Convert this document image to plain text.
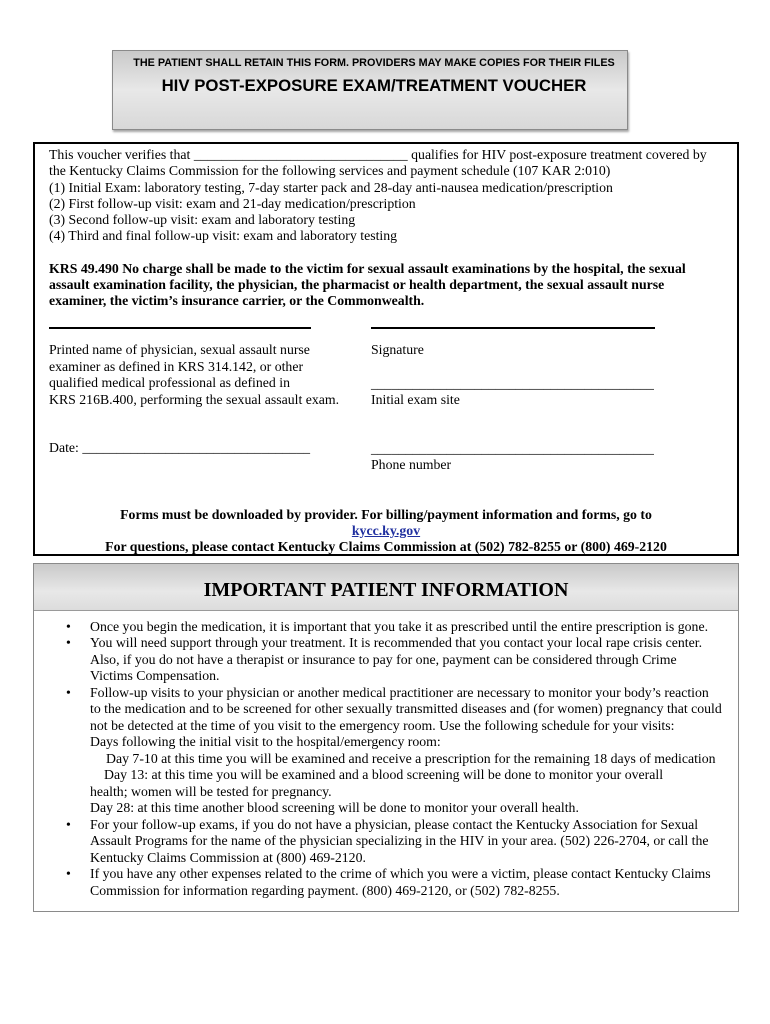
THE PATIENT SHALL RETAIN THIS FORM. PROVIDERS MAY MAKE COPIES FOR THEIR FILES
HIV POST-EXPOSURE EXAM/TREATMENT VOUCHER
This voucher verifies that _______________________________ qualifies for HIV post-exposure treatment covered by
the Kentucky Claims Commission for the following services and payment schedule (107 KAR 2:010)
(1) Initial Exam: laboratory testing, 7-day starter pack and 28-day anti-nausea medication/prescription
(2) First follow-up visit: exam and 21-day medication/prescription
(3) Second follow-up visit: exam and laboratory testing
(4) Third and final follow-up visit: exam and laboratory testing
KRS 49.490 No charge shall be made to the victim for sexual assault examinations by the hospital, the sexual
assault examination facility, the physician, the pharmacist or health department, the sexual assault nurse
examiner, the victim’s insurance carrier, or the Commonwealth.
Printed name of physician, sexual assault nurse
examiner as defined in KRS 314.142, or other
qualified medical professional as defined in
KRS 216B.400, performing the sexual assault exam.
Signature
_________________________________________
Initial exam site
Date: _________________________________	_________________________________________
Phone number
Forms must be downloaded by provider. For billing/payment information and forms, go to
kycc.ky.gov
For questions, please contact Kentucky Claims Commission at (502) 782-8255 or (800) 469-2120
IMPORTANT PATIENT INFORMATION
• Once you begin the medication, it is important that you take it as prescribed until the entire prescription is gone.
• You will need support through your treatment. It is recommended that you contact your local rape crisis center.
Also, if you do not have a therapist or insurance to pay for one, payment can be considered through Crime
Victims Compensation.
• Follow-up visits to your physician or another medical practitioner are necessary to monitor your body’s reaction
to the medication and to be screened for other sexually transmitted diseases and (for women) pregnancy that could
not be detected at the time of you visit to the emergency room. Use the following schedule for your visits:
Days following the initial visit to the hospital/emergency room:
Day 7-10 at this time you will be examined and receive a prescription for the remaining 18 days of medication
Day 13: at this time you will be examined and a blood screening will be done to monitor your overall
health; women will be tested for pregnancy.
Day 28: at this time another blood screening will be done to monitor your overall health.
• For your follow-up exams, if you do not have a physician, please contact the Kentucky Association for Sexual
Assault Programs for the name of the physician specializing in the HIV in your area. (502) 226-2704, or call the
Kentucky Claims Commission at (800) 469-2120.
• If you have any other expenses related to the crime of which you were a victim, please contact Kentucky Claims
Commission for information regarding payment. (800) 469-2120, or (502) 782-8255.
